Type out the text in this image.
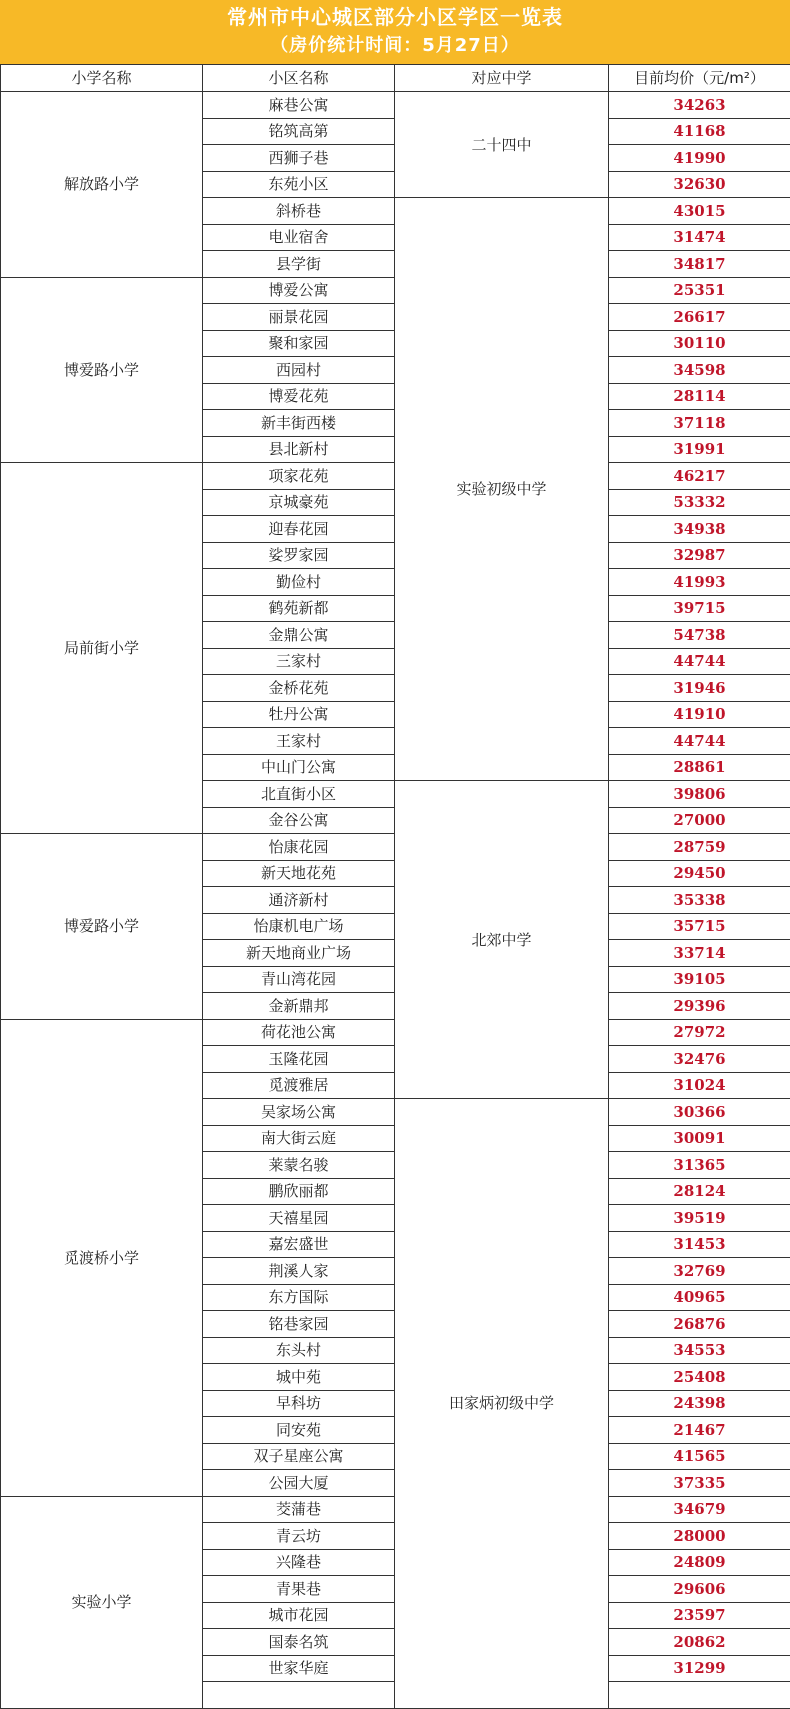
常州市中心城区部分小区学区一览表
（房价统计时间：5月27日）
小学名称	小区名称	对应中学	目前均价（元/m²）
解放路小学	麻巷公寓	二十四中	34263
	铭筑高第		41168
	西狮子巷		41990
	东苑小区		32630
	斜桥巷	实验初级中学	43015
	电业宿舍		31474
	县学街		34817
博爱路小学	博爱公寓		25351
	丽景花园		26617
	聚和家园		30110
	西园村		34598
	博爱花苑		28114
	新丰街西楼		37118
	县北新村		31991
局前街小学	项家花苑		46217
	京城豪苑		53332
	迎春花园		34938
	娑罗家园		32987
	勤俭村		41993
	鹤苑新都		39715
	金鼎公寓		54738
	三家村		44744
	金桥花苑		31946
	牡丹公寓		41910
	王家村		44744
	中山门公寓		28861
	北直街小区	北郊中学	39806
	金谷公寓		27000
博爱路小学	怡康花园		28759
	新天地花苑		29450
	通济新村		35338
	怡康机电广场		35715
	新天地商业广场		33714
	青山湾花园		39105
	金新鼎邦		29396
觅渡桥小学	荷花池公寓		27972
	玉隆花园		32476
	觅渡雅居		31024
	吴家场公寓	田家炳初级中学	30366
	南大街云庭		30091
	莱蒙名骏		31365
	鹏欣丽都		28124
	天禧星园		39519
	嘉宏盛世		31453
	荆溪人家		32769
	东方国际		40965
	铭巷家园		26876
	东头村		34553
	城中苑		25408
	早科坊		24398
	同安苑		21467
	双子星座公寓		41565
	公园大厦		37335
实验小学	茭蒲巷		34679
	青云坊		28000
	兴隆巷		24809
	青果巷		29606
	城市花园		23597
	国泰名筑		20862
	世家华庭		31299
